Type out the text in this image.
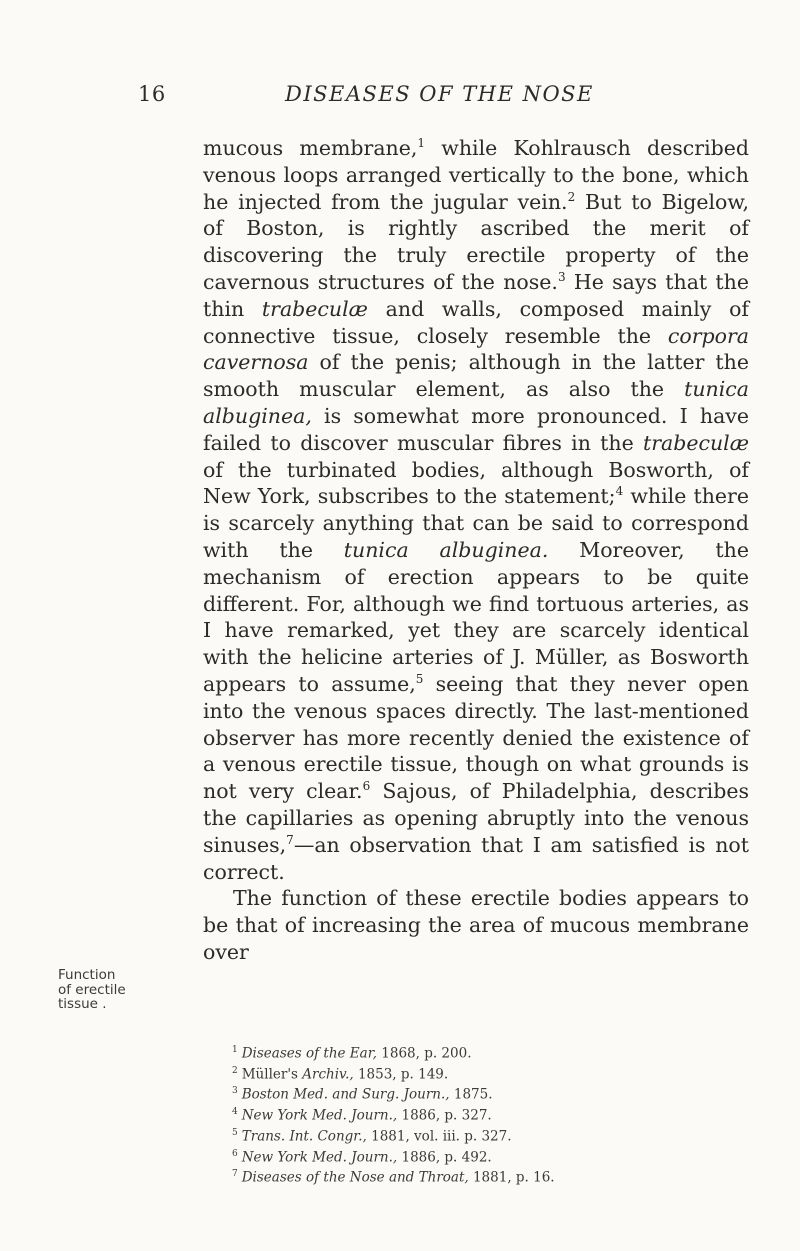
16	DISEASES OF THE NOSE

mucous membrane,$^1$ while Kohlrausch described venous loops arranged vertically to the bone, which he injected from the jugular vein.$^2$ But to Bigelow, of Boston, is rightly ascribed the merit of discovering the truly erectile property of the cavernous structures of the nose.$^3$ He says that the thin trabeculæ and walls, composed mainly of connective tissue, closely resemble the corpora cavernosa of the penis; although in the latter the smooth muscular element, as also the tunica albuginea, is somewhat more pronounced. I have failed to discover muscular fibres in the trabeculæ of the turbinated bodies, although Bosworth, of New York, subscribes to the statement;$^4$ while there is scarcely anything that can be said to correspond with the tunica albuginea. Moreover, the mechanism of erection appears to be quite different. For, although we find tortuous arteries, as I have remarked, yet they are scarcely identical with the helicine arteries of J. Müller, as Bosworth appears to assume,$^5$ seeing that they never open into the venous spaces directly. The last-mentioned observer has more recently denied the existence of a venous erectile tissue, though on what grounds is not very clear.$^6$ Sajous, of Philadelphia, describes the capillaries as opening abruptly into the venous sinuses,$^7$—an observation that I am satisfied is not correct.

The function of these erectile bodies appears to be that of increasing the area of mucous membrane over

Function
of erectile
tissue .
$^1$ Diseases of the Ear, 1868, p. 200.
$^2$ Müller's Archiv., 1853, p. 149.
$^3$ Boston Med. and Surg. Journ., 1875.
$^4$ New York Med. Journ., 1886, p. 327.
$^5$ Trans. Int. Congr., 1881, vol. iii. p. 327.
$^6$ New York Med. Journ., 1886, p. 492.
$^7$ Diseases of the Nose and Throat, 1881, p. 16.
